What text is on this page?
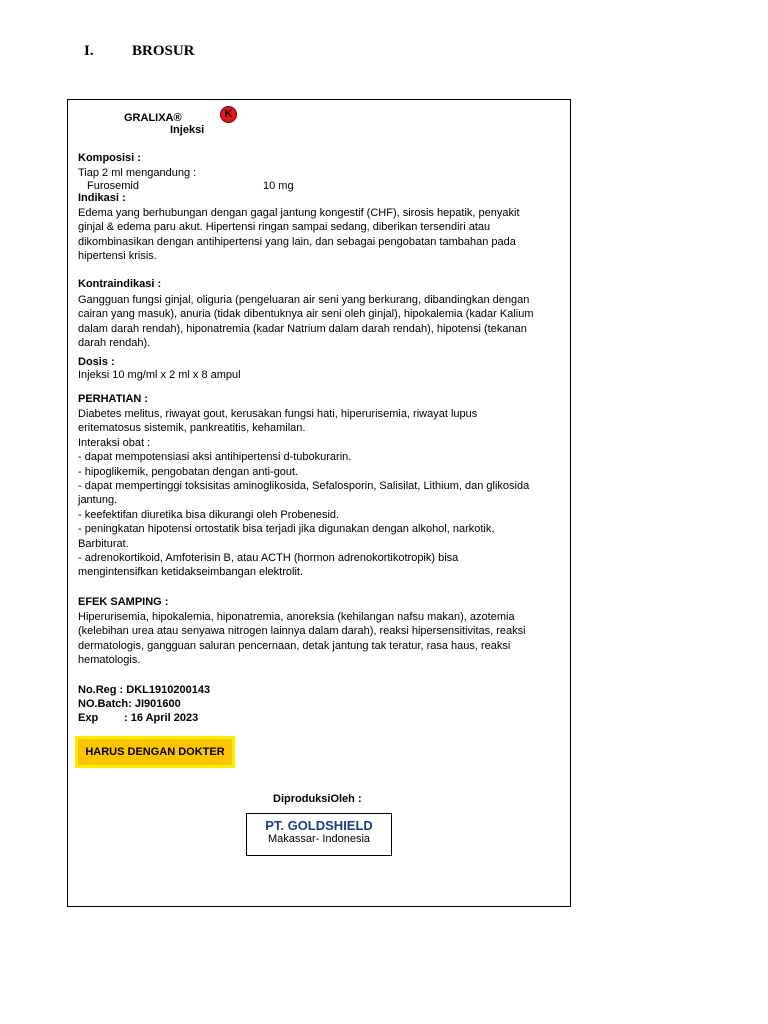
I.	BROSUR
GRALIXA®	K
Injeksi
Komposisi :
Tiap 2 ml mengandung :
Furosemid	10 mg
Indikasi :
Edema yang berhubungan dengan gagal jantung kongestif (CHF), sirosis hepatik, penyakit
ginjal & edema paru akut. Hipertensi ringan sampai sedang, diberikan tersendiri atau
dikombinasikan dengan antihipertensi yang lain, dan sebagai pengobatan tambahan pada
hipertensi krisis.
Kontraindikasi :
Gangguan fungsi ginjal, oliguria (pengeluaran air seni yang berkurang, dibandingkan dengan
cairan yang masuk), anuria (tidak dibentuknya air seni oleh ginjal), hipokalemia (kadar Kalium
dalam darah rendah), hiponatremia (kadar Natrium dalam darah rendah), hipotensi (tekanan
darah rendah).
Dosis :
Injeksi 10 mg/ml x 2 ml x 8 ampul
PERHATIAN :
Diabetes melitus, riwayat gout, kerusakan fungsi hati, hiperurisemia, riwayat lupus
eritematosus sistemik, pankreatitis, kehamilan.
Interaksi obat :
- dapat mempotensiasi aksi antihipertensi d-tubokurarin.
- hipoglikemik, pengobatan dengan anti-gout.
- dapat mempertinggi toksisitas aminoglikosida, Sefalosporin, Salisilat, Lithium, dan glikosida
jantung.
- keefektifan diuretika bisa dikurangi oleh Probenesid.
- peningkatan hipotensi ortostatik bisa terjadi jika digunakan dengan alkohol, narkotik,
Barbiturat.
- adrenokortikoid, Amfoterisin B, atau ACTH (hormon adrenokortikotropik) bisa
mengintensifkan ketidakseimbangan elektrolit.
EFEK SAMPING :
Hiperurisemia, hipokalemia, hiponatremia, anoreksia (kehilangan nafsu makan), azotemia
(kelebihan urea atau senyawa nitrogen lainnya dalam darah), reaksi hipersensitivitas, reaksi
dermatologis, gangguan saluran pencernaan, detak jantung tak teratur, rasa haus, reaksi
hematologis.
No.Reg : DKL1910200143
NO.Batch: JI901600
Exp : 16 April 2023
HARUS DENGAN DOKTER
DiproduksiOleh :
PT. GOLDSHIELD
Makassar- Indonesia
